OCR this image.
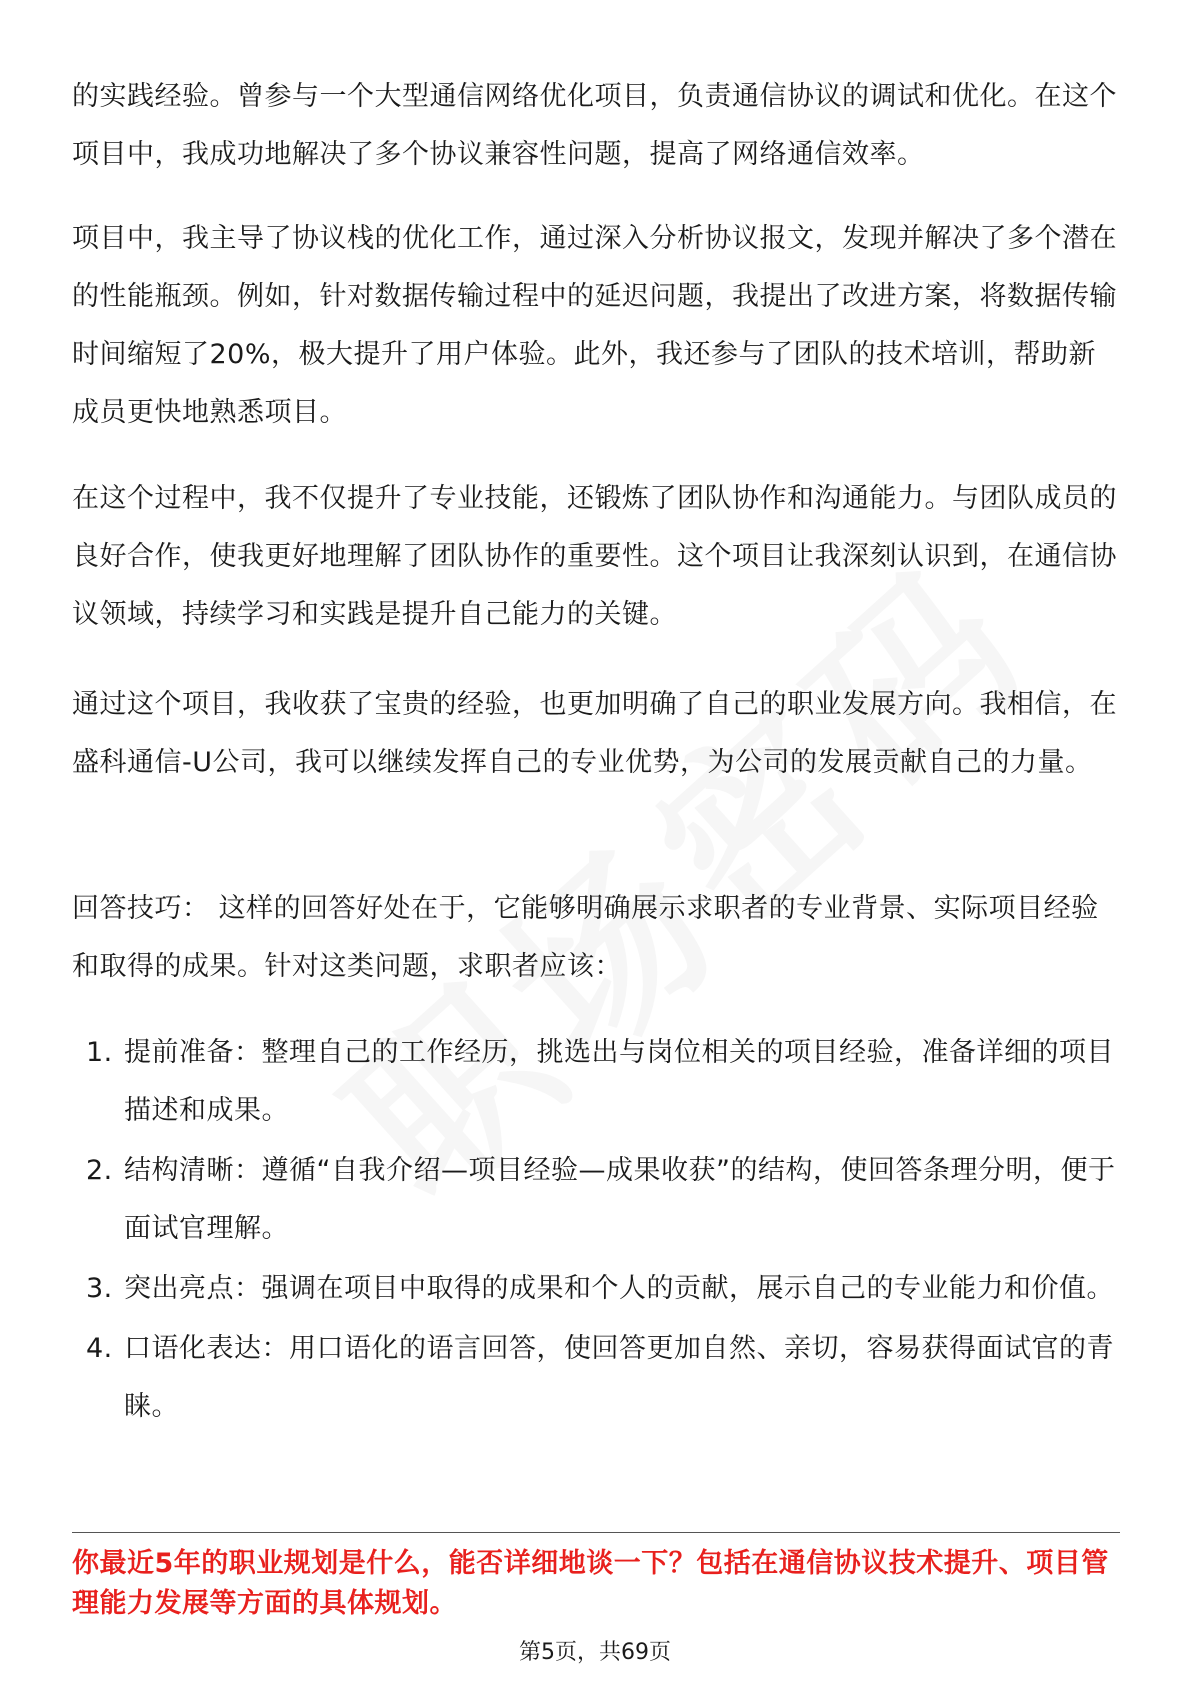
的实践经验。曾参与一个大型通信网络优化项目，负责通信协议的调试和优化。在这个项目中，我成功地解决了多个协议兼容性问题，提高了网络通信效率。

项目中，我主导了协议栈的优化工作，通过深入分析协议报文，发现并解决了多个潜在的性能瓶颈。例如，针对数据传输过程中的延迟问题，我提出了改进方案，将数据传输时间缩短了20%，极大提升了用户体验。此外，我还参与了团队的技术培训，帮助新成员更快地熟悉项目。

在这个过程中，我不仅提升了专业技能，还锻炼了团队协作和沟通能力。与团队成员的良好合作，使我更好地理解了团队协作的重要性。这个项目让我深刻认识到，在通信协议领域，持续学习和实践是提升自己能力的关键。

通过这个项目，我收获了宝贵的经验，也更加明确了自己的职业发展方向。我相信，在盛科通信-U公司，我可以继续发挥自己的专业优势，为公司的发展贡献自己的力量。

回答技巧： 这样的回答好处在于，它能够明确展示求职者的专业背景、实际项目经验和取得的成果。针对这类问题，求职者应该：

1. 提前准备：整理自己的工作经历，挑选出与岗位相关的项目经验，准备详细的项目描述和成果。
2. 结构清晰：遵循“自我介绍—项目经验—成果收获”的结构，使回答条理分明，便于面试官理解。
3. 突出亮点：强调在项目中取得的成果和个人的贡献，展示自己的专业能力和价值。
4. 口语化表达：用口语化的语言回答，使回答更加自然、亲切，容易获得面试官的青睐。

你最近5年的职业规划是什么，能否详细地谈一下？包括在通信协议技术提升、项目管理能力发展等方面的具体规划。

第5页，共69页
